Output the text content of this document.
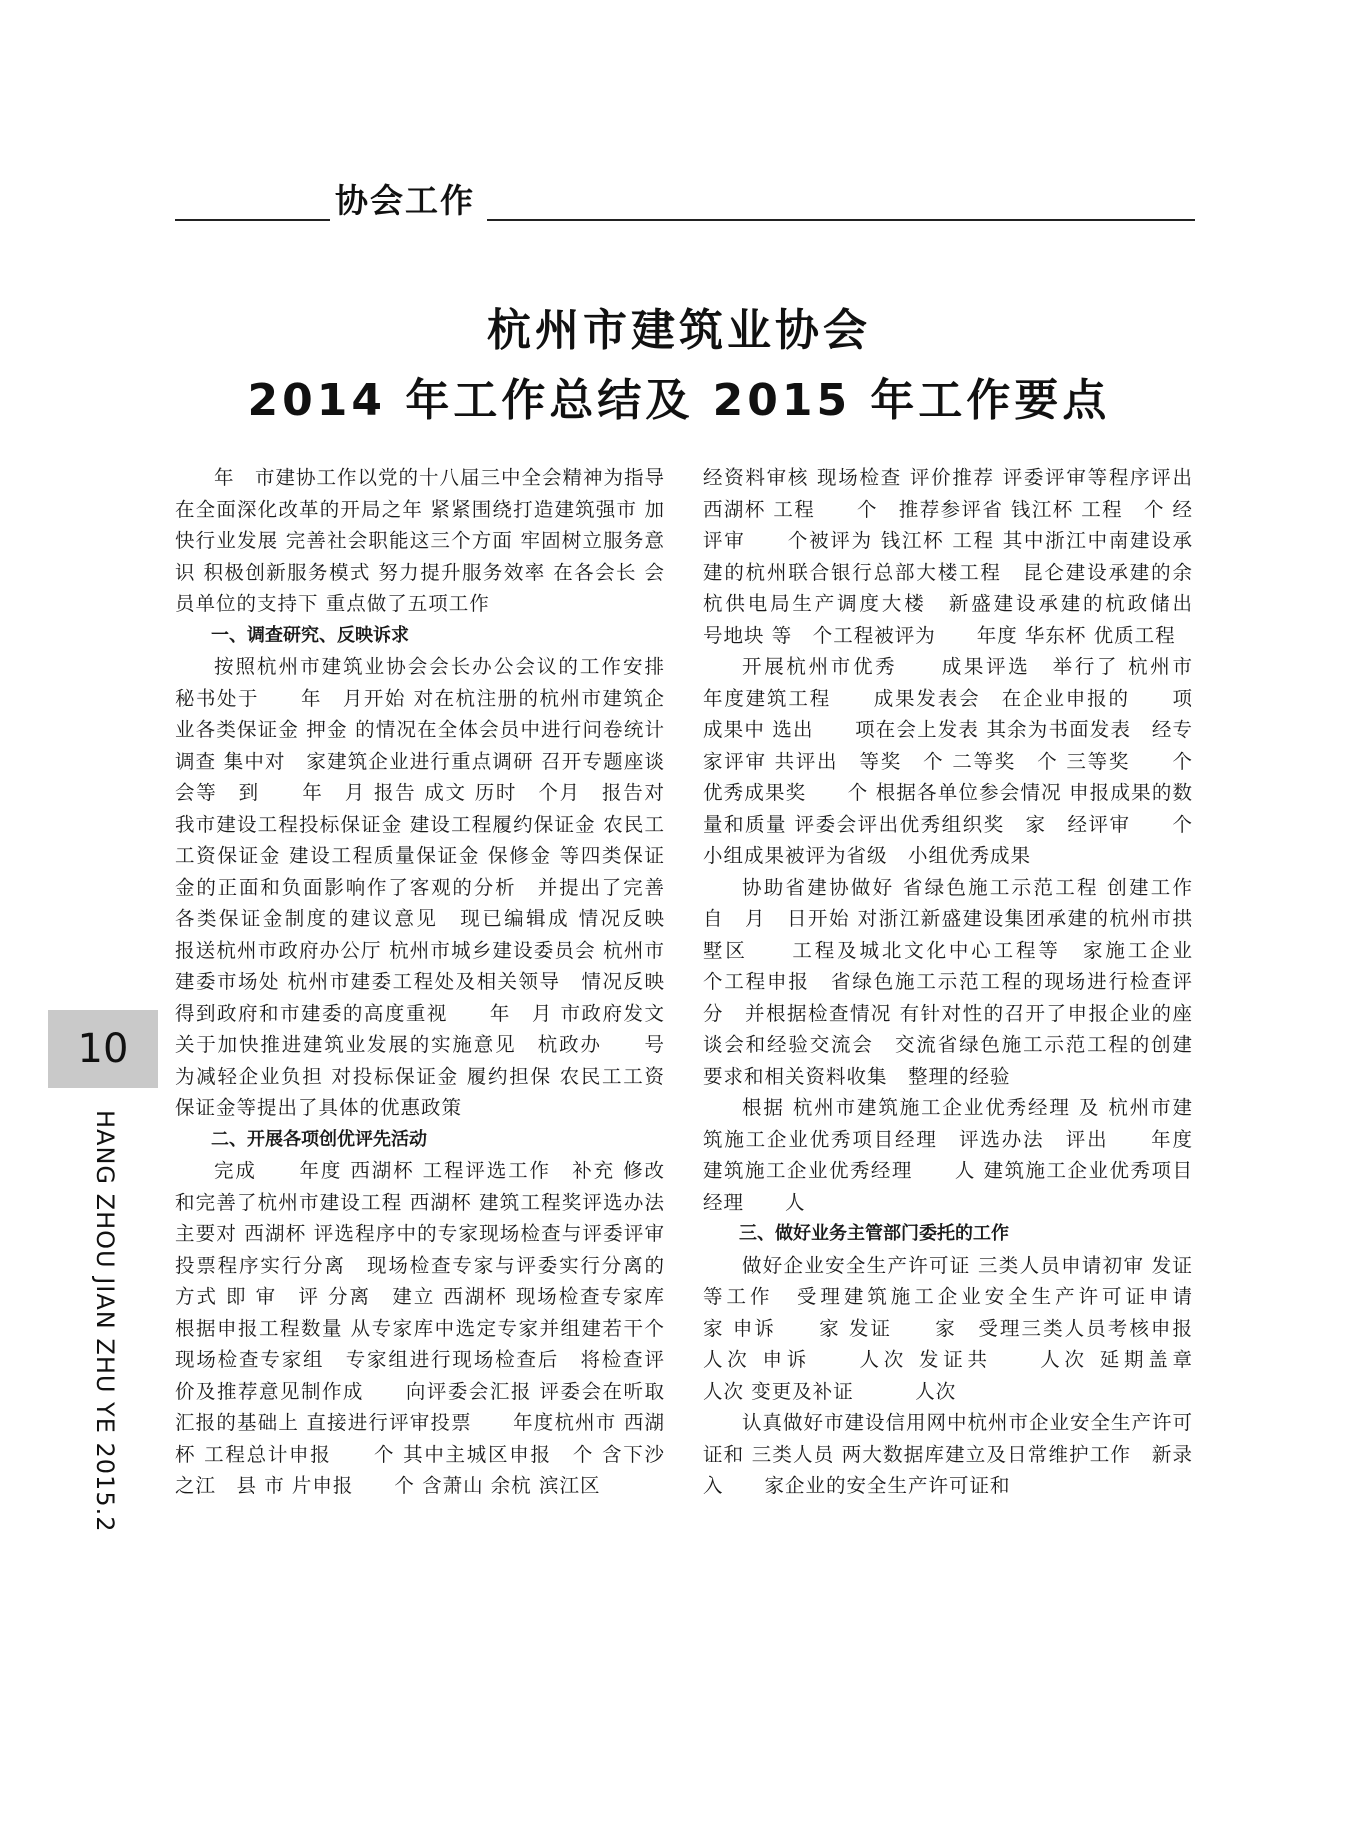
协会工作
杭州市建筑业协会
2014 年工作总结及 2015 年工作要点

年　市建协工作以党的十八届三中全会精神为指导 在全面深化改革的开局之年 紧紧围绕打造建筑强市 加快行业发展 完善社会职能这三个方面 牢固树立服务意识 积极创新服务模式 努力提升服务效率 在各会长 会员单位的支持下 重点做了五项工作

一、调查研究、反映诉求

按照杭州市建筑业协会会长办公会议的工作安排 秘书处于　　年　月开始 对在杭注册的杭州市建筑企业各类保证金 押金 的情况在全体会员中进行问卷统计调查 集中对　家建筑企业进行重点调研 召开专题座谈会等　到　　年　月 报告 成文 历时　个月　报告对我市建设工程投标保证金 建设工程履约保证金 农民工工资保证金 建设工程质量保证金 保修金 等四类保证金的正面和负面影响作了客观的分析　并提出了完善各类保证金制度的建议意见　现已编辑成 情况反映　报送杭州市政府办公厅 杭州市城乡建设委员会 杭州市建委市场处 杭州市建委工程处及相关领导　情况反映 得到政府和市建委的高度重视　　年　月 市政府发文 关于加快推进建筑业发展的实施意见　杭政办　　号　为减轻企业负担 对投标保证金 履约担保 农民工工资保证金等提出了具体的优惠政策

二、开展各项创优评先活动

完成　　年度 西湖杯 工程评选工作　补充 修改和完善了杭州市建设工程 西湖杯 建筑工程奖评选办法　主要对 西湖杯 评选程序中的专家现场检查与评委评审投票程序实行分离　现场检查专家与评委实行分离的方式 即 审　评 分离　建立 西湖杯 现场检查专家库 根据申报工程数量 从专家库中选定专家并组建若干个现场检查专家组　专家组进行现场检查后　将检查评价及推荐意见制作成　　向评委会汇报 评委会在听取汇报的基础上 直接进行评审投票　　年度杭州市 西湖杯 工程总计申报　　个 其中主城区申报　个 含下沙之江　县 市 片申报　　个 含萧山 余杭 滨江区

经资料审核 现场检查 评价推荐 评委评审等程序评出 西湖杯 工程　　个　推荐参评省 钱江杯 工程　个 经评审　　个被评为 钱江杯 工程 其中浙江中南建设承建的杭州联合银行总部大楼工程　昆仑建设承建的余杭供电局生产调度大楼　新盛建设承建的杭政储出　　　号地块 等　个工程被评为　　年度 华东杯 优质工程

开展杭州市优秀　　成果评选　举行了 杭州市　　年度建筑工程　　成果发表会　在企业申报的　　项　　成果中 选出　　项在会上发表 其余为书面发表　经专家评审 共评出　等奖　个 二等奖　个 三等奖　　个 优秀成果奖　　个 根据各单位参会情况 申报成果的数量和质量 评委会评出优秀组织奖　家　经评审　　个　　小组成果被评为省级　小组优秀成果

协助省建协做好 省绿色施工示范工程 创建工作　自　月　日开始 对浙江新盛建设集团承建的杭州市拱墅区　　工程及城北文化中心工程等　家施工企业　　个工程申报　省绿色施工示范工程的现场进行检查评分　并根据检查情况 有针对性的召开了申报企业的座谈会和经验交流会　交流省绿色施工示范工程的创建要求和相关资料收集　整理的经验

根据 杭州市建筑施工企业优秀经理 及 杭州市建筑施工企业优秀项目经理　评选办法　评出　　年度建筑施工企业优秀经理　　人 建筑施工企业优秀项目经理　　人

三、做好业务主管部门委托的工作

做好企业安全生产许可证 三类人员申请初审 发证等工作　受理建筑施工企业安全生产许可证申请　　家 申诉　　家 发证　　家　受理三类人员考核申报　　　人次 申诉　　人次 发证共　　人次 延期盖章　　　人次 变更及补证　　　人次

认真做好市建设信用网中杭州市企业安全生产许可证和 三类人员 两大数据库建立及日常维护工作　新录入　　家企业的安全生产许可证和

10
HANG ZHOU JIAN ZHU YE 2015.2
